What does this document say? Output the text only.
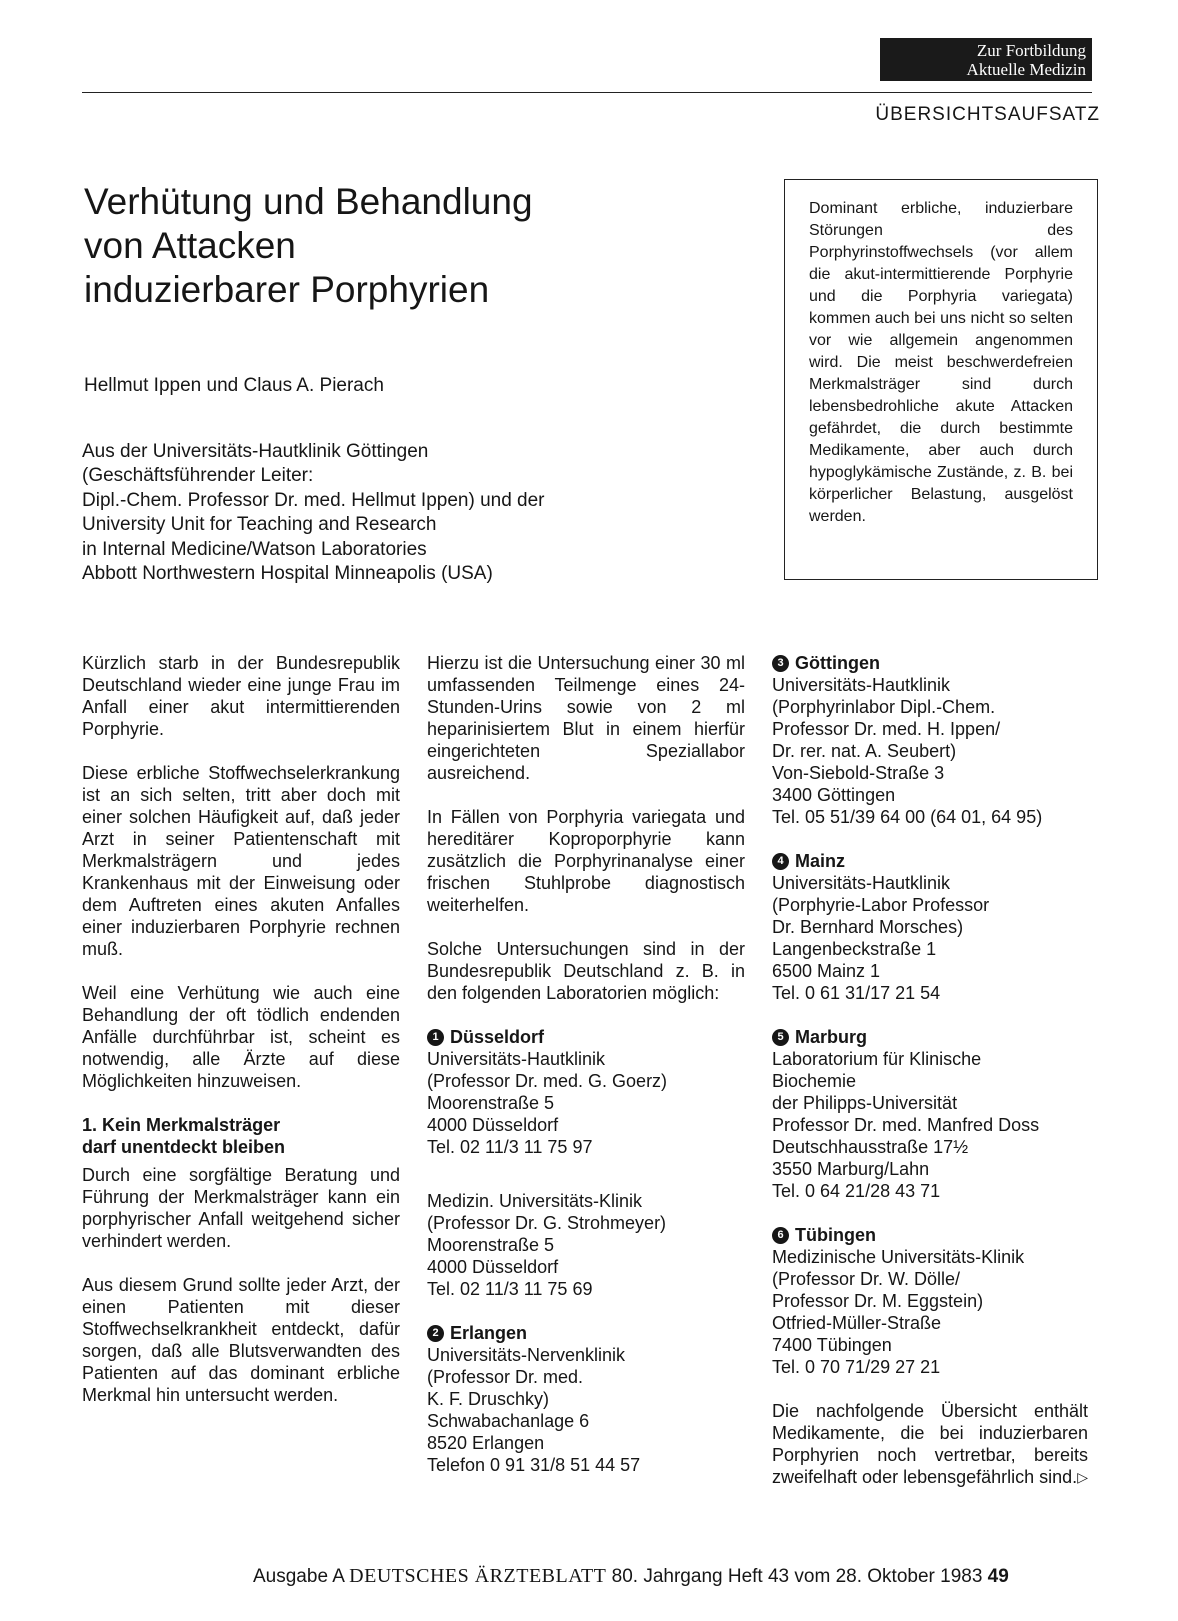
Zur Fortbildung
Aktuelle Medizin
ÜBERSICHTSAUFSATZ
Verhütung und Behandlung
von Attacken
induzierbarer Porphyrien
Hellmut Ippen und Claus A. Pierach
Aus der Universitäts-Hautklinik Göttingen
(Geschäftsführender Leiter:
Dipl.-Chem. Professor Dr. med. Hellmut Ippen) und der
University Unit for Teaching and Research
in Internal Medicine/Watson Laboratories
Abbott Northwestern Hospital Minneapolis (USA)
Dominant erbliche, induzierbare Störungen des Porphyrinstoffwechsels (vor allem die akut-intermittierende Porphyrie und die Porphyria variegata) kommen auch bei uns nicht so selten vor wie allgemein angenommen wird. Die meist beschwerdefreien Merkmalsträger sind durch lebensbedrohliche akute Attacken gefährdet, die durch bestimmte Medikamente, aber auch durch hypoglykämische Zustände, z. B. bei körperlicher Belastung, ausgelöst werden.

Kürzlich starb in der Bundesrepublik Deutschland wieder eine junge Frau im Anfall einer akut intermittierenden Porphyrie.

Diese erbliche Stoffwechselerkrankung ist an sich selten, tritt aber doch mit einer solchen Häufigkeit auf, daß jeder Arzt in seiner Patientenschaft mit Merkmalsträgern und jedes Krankenhaus mit der Einweisung oder dem Auftreten eines akuten Anfalles einer induzierbaren Porphyrie rechnen muß.

Weil eine Verhütung wie auch eine Behandlung der oft tödlich endenden Anfälle durchführbar ist, scheint es notwendig, alle Ärzte auf diese Möglichkeiten hinzuweisen.

1. Kein Merkmalsträger
darf unentdeckt bleiben

Durch eine sorgfältige Beratung und Führung der Merkmalsträger kann ein porphyrischer Anfall weitgehend sicher verhindert werden.

Aus diesem Grund sollte jeder Arzt, der einen Patienten mit dieser Stoffwechselkrankheit entdeckt, dafür sorgen, daß alle Blutsverwandten des Patienten auf das dominant erbliche Merkmal hin untersucht werden.

Hierzu ist die Untersuchung einer 30 ml umfassenden Teilmenge eines 24-Stunden-Urins sowie von 2 ml heparinisiertem Blut in einem hierfür eingerichteten Speziallabor ausreichend.

In Fällen von Porphyria variegata und hereditärer Koproporphyrie kann zusätzlich die Porphyrinanalyse einer frischen Stuhlprobe diagnostisch weiterhelfen.

Solche Untersuchungen sind in der Bundesrepublik Deutschland z. B. in den folgenden Laboratorien möglich:

1 Düsseldorf
Universitäts-Hautklinik
(Professor Dr. med. G. Goerz)
Moorenstraße 5
4000 Düsseldorf
Tel. 02 11/3 11 75 97
Medizin. Universitäts-Klinik
(Professor Dr. G. Strohmeyer)
Moorenstraße 5
4000 Düsseldorf
Tel. 02 11/3 11 75 69
2 Erlangen
Universitäts-Nervenklinik
(Professor Dr. med.
K. F. Druschky)
Schwabachanlage 6
8520 Erlangen
Telefon 0 91 31/8 51 44 57
3 Göttingen
Universitäts-Hautklinik
(Porphyrinlabor Dipl.-Chem.
Professor Dr. med. H. Ippen/
Dr. rer. nat. A. Seubert)
Von-Siebold-Straße 3
3400 Göttingen
Tel. 05 51/39 64 00 (64 01, 64 95)
4 Mainz
Universitäts-Hautklinik
(Porphyrie-Labor Professor
Dr. Bernhard Morsches)
Langenbeckstraße 1
6500 Mainz 1
Tel. 0 61 31/17 21 54
5 Marburg
Laboratorium für Klinische
Biochemie
der Philipps-Universität
Professor Dr. med. Manfred Doss
Deutschhausstraße 17½
3550 Marburg/Lahn
Tel. 0 64 21/28 43 71
6 Tübingen
Medizinische Universitäts-Klinik
(Professor Dr. W. Dölle/
Professor Dr. M. Eggstein)
Otfried-Müller-Straße
7400 Tübingen
Tel. 0 70 71/29 27 21

Die nachfolgende Übersicht enthält Medikamente, die bei induzierbaren Porphyrien noch vertretbar, bereits zweifelhaft oder lebensgefährlich sind. ▷

Ausgabe A DEUTSCHES ÄRZTEBLATT 80. Jahrgang Heft 43 vom 28. Oktober 1983 49
